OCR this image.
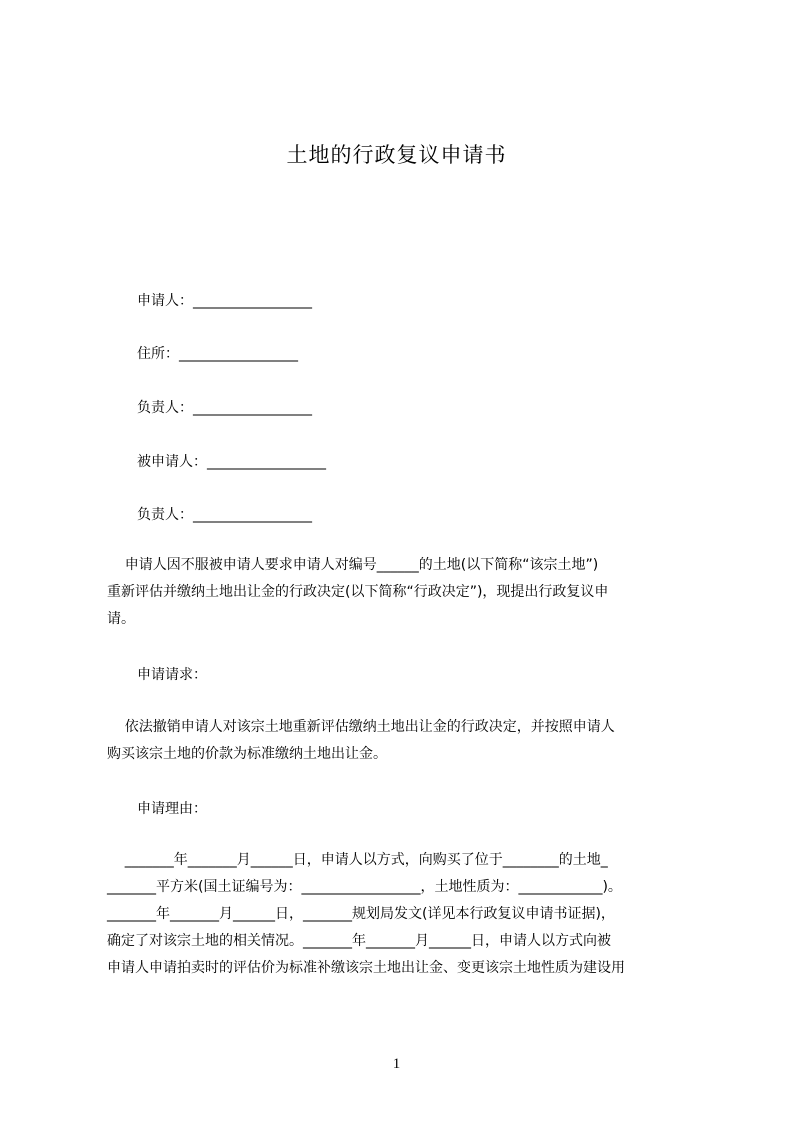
土地的行政复议申请书
申请人：_________________
住所：_________________
负责人：_________________
被申请人：_________________
负责人：_________________
申请人因不服被申请人要求申请人对编号______的土地(以下简称“该宗土地”)
重新评估并缴纳土地出让金的行政决定(以下简称“行政决定”)，现提出行政复议申
请。
申请请求：
依法撤销申请人对该宗土地重新评估缴纳土地出让金的行政决定，并按照申请人
购买该宗土地的价款为标准缴纳土地出让金。
申请理由：
_______年_______月______日，申请人以方式，向购买了位于________的土地_
_______平方米(国土证编号为：_________________，土地性质为：____________)。
_______年_______月______日，_______规划局发文(详见本行政复议申请书证据)，
确定了对该宗土地的相关情况。_______年_______月______日，申请人以方式向被
申请人申请拍卖时的评估价为标准补缴该宗土地出让金、变更该宗土地性质为建设用
1
